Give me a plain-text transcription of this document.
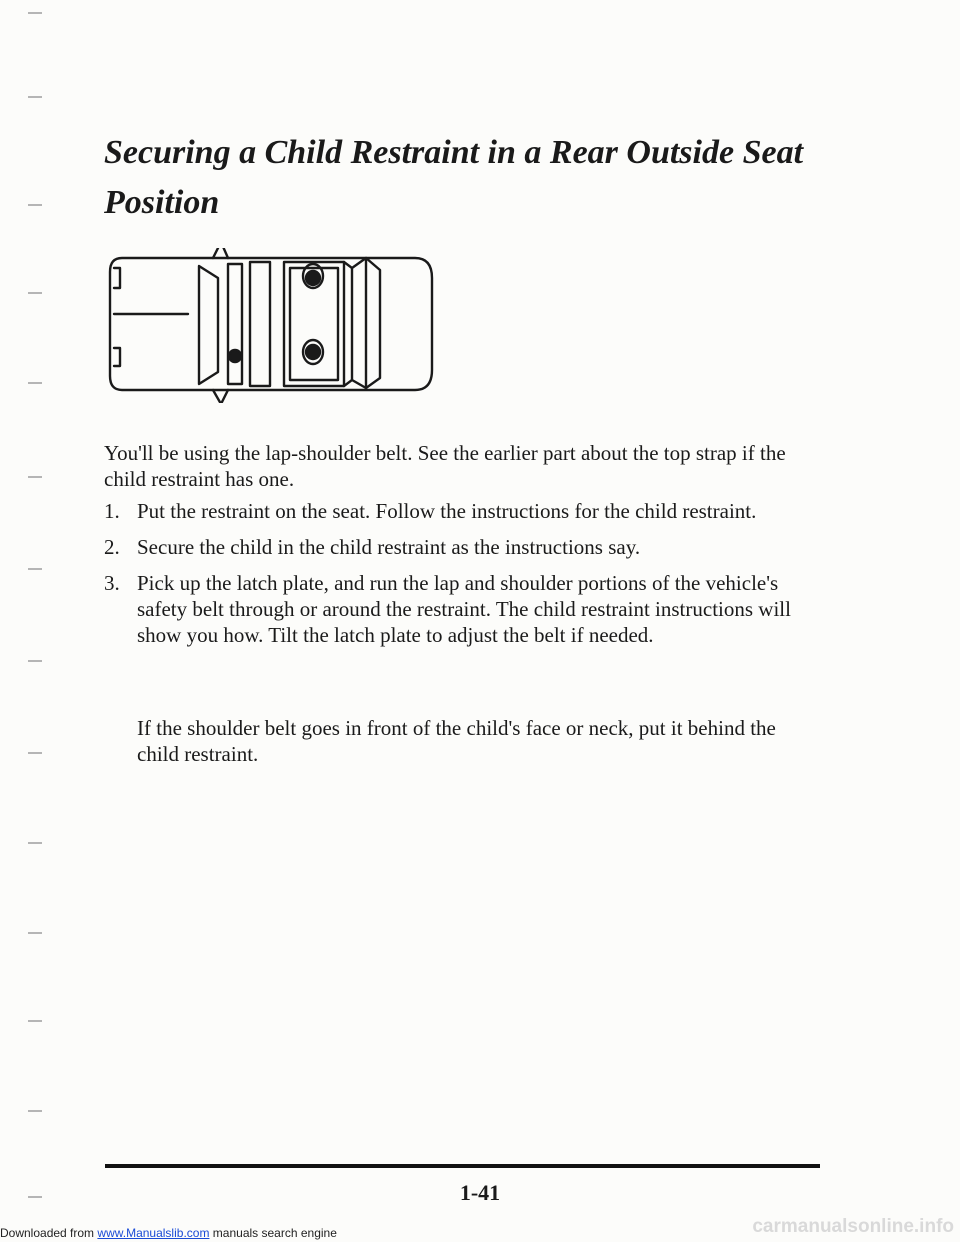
Securing a Child Restraint in a Rear Outside Seat Position

You'll be using the lap-shoulder belt. See the earlier part about the top strap if the child restraint has one.

1. Put the restraint on the seat. Follow the instructions for the child restraint.
2. Secure the child in the child restraint as the instructions say.
3. Pick up the latch plate, and run the lap and shoulder portions of the vehicle's safety belt through or around the restraint. The child restraint instructions will show you how. Tilt the latch plate to adjust the belt if needed.

If the shoulder belt goes in front of the child's face or neck, put it behind the child restraint.

1-41
Downloaded from www.Manualslib.com manuals search engine	carmanualsonline.info
